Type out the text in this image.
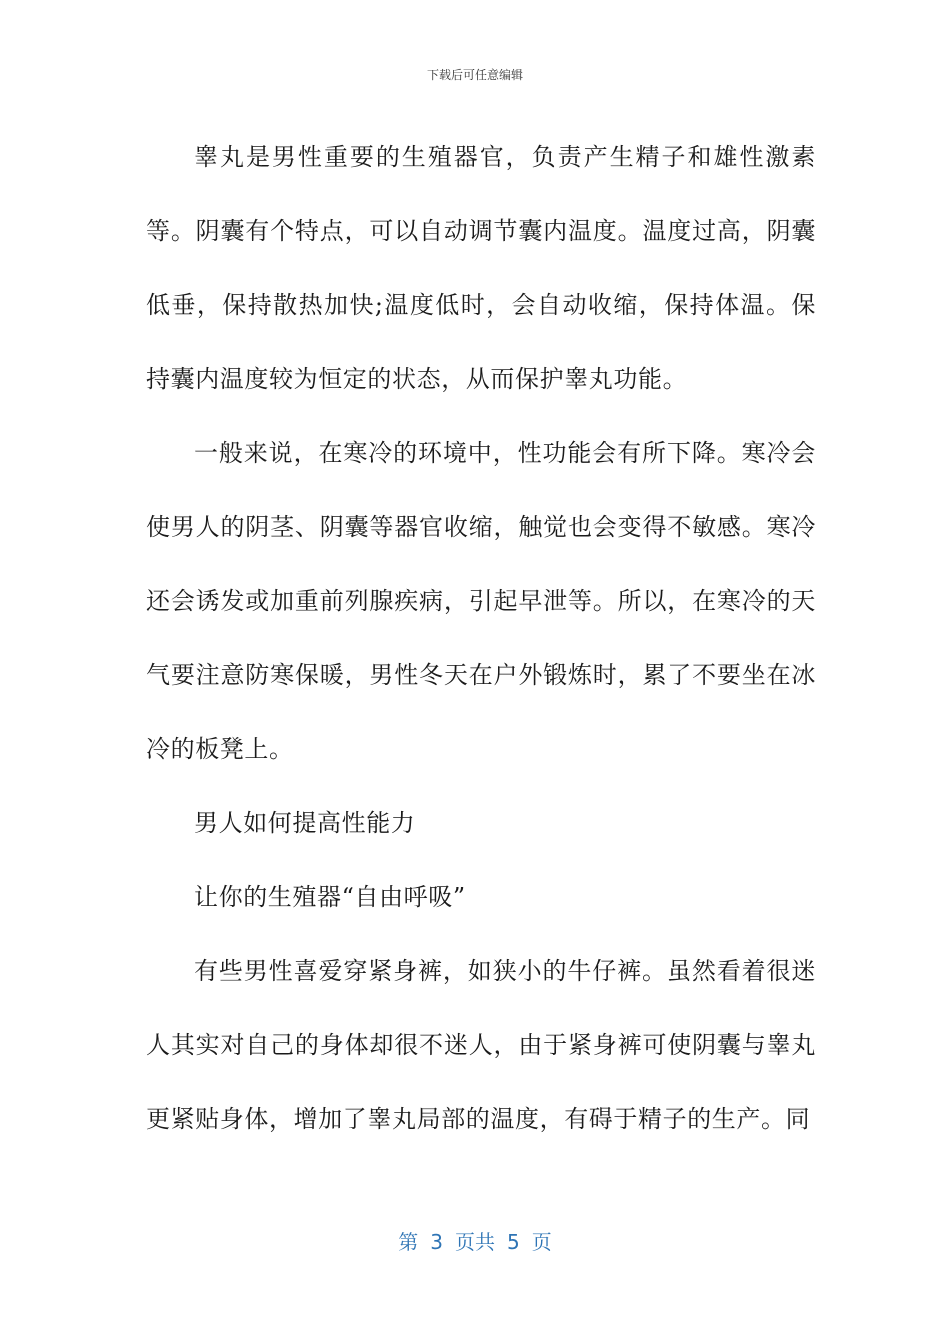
下载后可任意编辑

睾丸是男性重要的生殖器官，负责产生精子和雄性激素等。阴囊有个特点，可以自动调节囊内温度。温度过高，阴囊低垂，保持散热加快;温度低时，会自动收缩，保持体温。保持囊内温度较为恒定的状态，从而保护睾丸功能。

一般来说，在寒冷的环境中，性功能会有所下降。寒冷会使男人的阴茎、阴囊等器官收缩，触觉也会变得不敏感。寒冷还会诱发或加重前列腺疾病，引起早泄等。所以，在寒冷的天气要注意防寒保暖，男性冬天在户外锻炼时，累了不要坐在冰冷的板凳上。

男人如何提高性能力

让你的生殖器“自由呼吸”

有些男性喜爱穿紧身裤，如狭小的牛仔裤。虽然看着很迷人其实对自己的身体却很不迷人，由于紧身裤可使阴囊与睾丸更紧贴身体，增加了睾丸局部的温度，有碍于精子的生产。同

第 3 页共 5 页
